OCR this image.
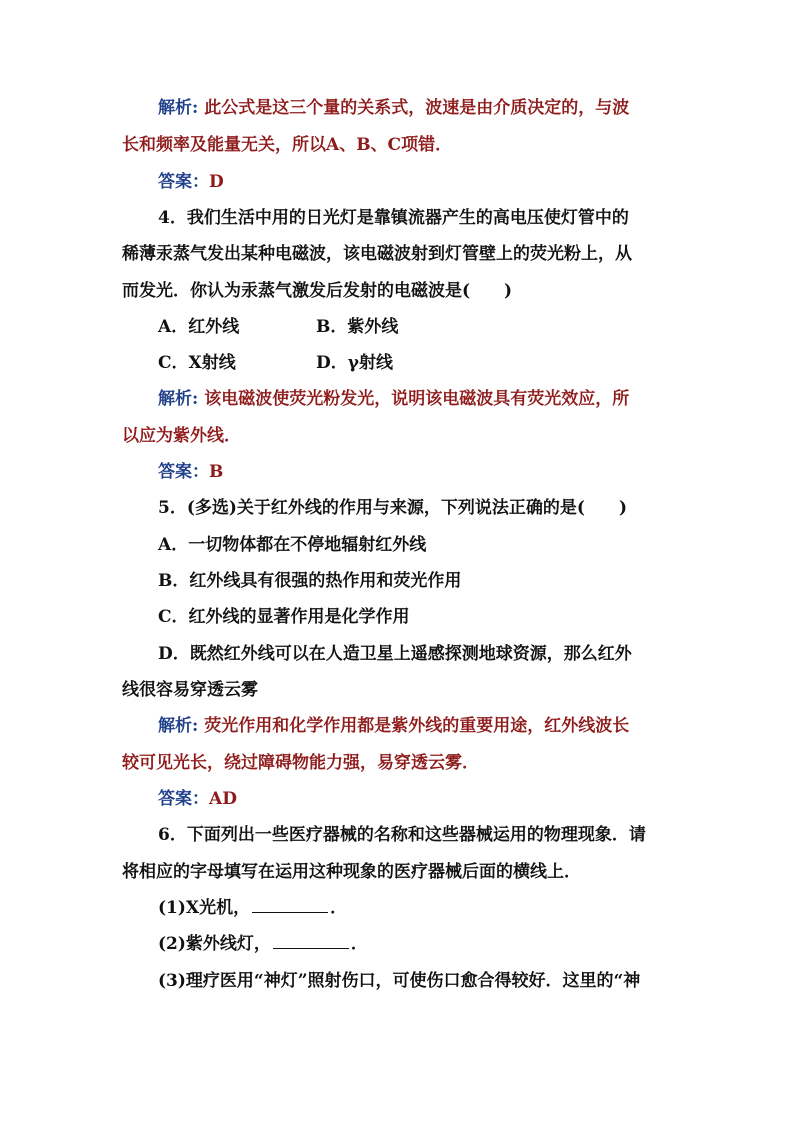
解析: 此公式是这三个量的关系式，波速是由介质决定的，与波
长和频率及能量无关，所以A、B、C项错．
答案：D
4．我们生活中用的日光灯是靠镇流器产生的高电压使灯管中的
稀薄汞蒸气发出某种电磁波，该电磁波射到灯管壁上的荧光粉上，从
而发光．你认为汞蒸气激发后发射的电磁波是(　　)
A．红外线	B．紫外线
C．X射线	D．γ射线
解析: 该电磁波使荧光粉发光，说明该电磁波具有荧光效应，所
以应为紫外线．
答案：B
5．(多选)关于红外线的作用与来源，下列说法正确的是(　　)
A．一切物体都在不停地辐射红外线
B．红外线具有很强的热作用和荧光作用
C．红外线的显著作用是化学作用
D．既然红外线可以在人造卫星上遥感探测地球资源，那么红外
线很容易穿透云雾
解析: 荧光作用和化学作用都是紫外线的重要用途，红外线波长
较可见光长，绕过障碍物能力强，易穿透云雾．
答案：AD
6．下面列出一些医疗器械的名称和这些器械运用的物理现象．请
将相应的字母填写在运用这种现象的医疗器械后面的横线上．
(1)X光机，	．
(2)紫外线灯，	．
(3)理疗医用“神灯”照射伤口，可使伤口愈合得较好．这里的“神
